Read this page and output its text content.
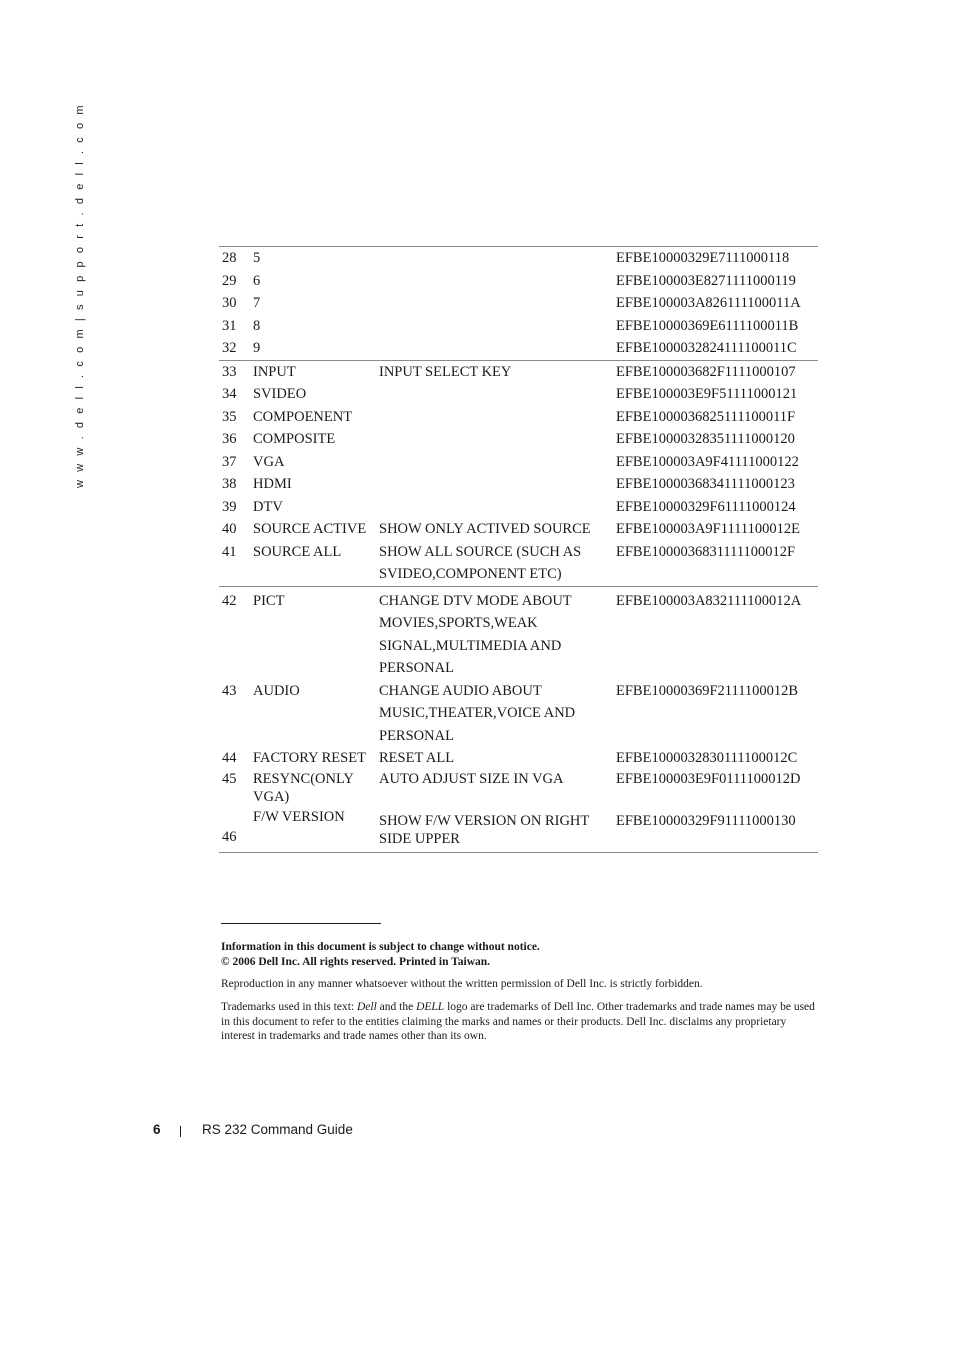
w w w . d e l l . c o m | s u p p o r t . d e l l . c o m	28	5		EFBE10000329E7111000118
29	6		EFBE100003E8271111000119
30	7		EFBE100003A826111100011A
31	8		EFBE10000369E6111100011B
32	9		EFBE1000032824111100011C
33	INPUT	INPUT SELECT KEY	EFBE100003682F1111000107
34	SVIDEO		EFBE100003E9F51111000121
35	COMPOENENT		EFBE1000036825111100011F
36	COMPOSITE		EFBE10000328351111000120
37	VGA		EFBE100003A9F41111000122
38	HDMI		EFBE10000368341111000123
39	DTV		EFBE10000329F61111000124
40	SOURCE ACTIVE	SHOW ONLY ACTIVED SOURCE	EFBE100003A9F1111100012E
41	SOURCE ALL	SHOW ALL SOURCE (SUCH AS SVIDEO,COMPONENT ETC)	EFBE1000036831111100012F
42	PICT	CHANGE DTV MODE ABOUT MOVIES,SPORTS,WEAK SIGNAL,MULTIMEDIA AND PERSONAL	EFBE100003A832111100012A
43	AUDIO	CHANGE AUDIO ABOUT MUSIC,THEATER,VOICE AND PERSONAL	EFBE10000369F2111100012B
44	FACTORY RESET	RESET ALL	EFBE1000032830111100012C
45	RESYNC(ONLY VGA)	AUTO ADJUST SIZE IN VGA	EFBE100003E9F0111100012D
46	F/W VERSION	SHOW F/W VERSION ON RIGHT SIDE UPPER	EFBE10000329F91111000130
Information in this document is subject to change without notice.
© 2006 Dell Inc. All rights reserved. Printed in Taiwan.
Reproduction in any manner whatsoever without the written permission of Dell Inc. is strictly forbidden.
Trademarks used in this text: Dell and the DELL logo are trademarks of Dell Inc. Other trademarks and trade names may be used in this document to refer to the entities claiming the marks and names or their products. Dell Inc. disclaims any proprietary interest in trademarks and trade names other than its own.
6	RS 232 Command Guide
